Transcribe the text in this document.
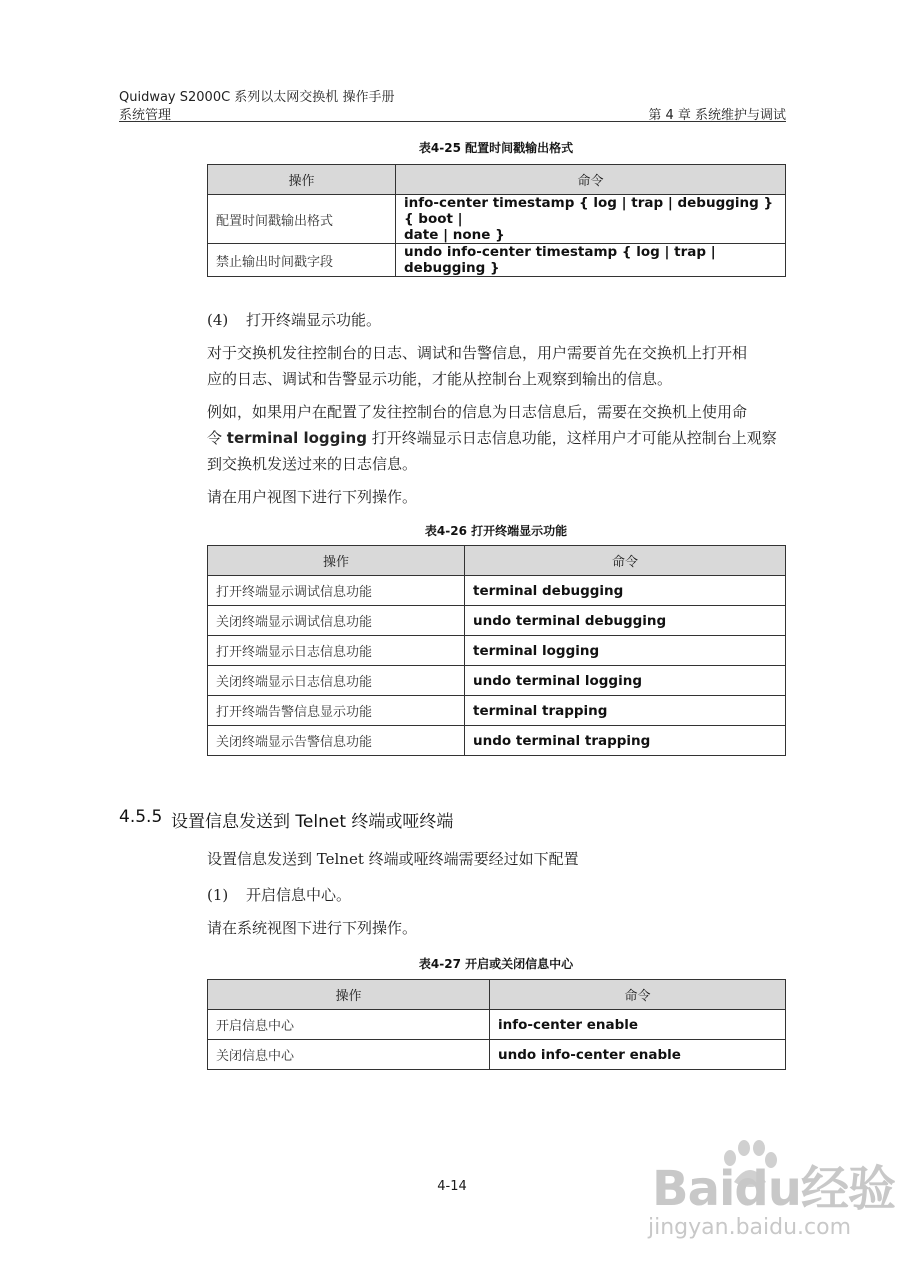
Quidway S2000C 系列以太网交换机 操作手册
系统管理	第 4 章 系统维护与调试
表4-25 配置时间戳输出格式
操作	命令
配置时间戳输出格式	info-center timestamp { log | trap | debugging } { boot |
date | none }

禁止输出时间戳字段	undo info-center timestamp { log | trap | debugging }
(4) 打开终端显示功能。
对于交换机发往控制台的日志、调试和告警信息，用户需要首先在交换机上打开相
应的日志、调试和告警显示功能，才能从控制台上观察到输出的信息。
例如，如果用户在配置了发往控制台的信息为日志信息后，需要在交换机上使用命
令 terminal logging 打开终端显示日志信息功能，这样用户才可能从控制台上观察
到交换机发送过来的日志信息。
请在用户视图下进行下列操作。
表4-26 打开终端显示功能
操作	命令
打开终端显示调试信息功能	terminal debugging
关闭终端显示调试信息功能	undo terminal debugging
打开终端显示日志信息功能	terminal logging
关闭终端显示日志信息功能	undo terminal logging
打开终端告警信息显示功能	terminal trapping
关闭终端显示告警信息功能	undo terminal trapping
4.5.5 设置信息发送到 Telnet 终端或哑终端
设置信息发送到 Telnet 终端或哑终端需要经过如下配置
(1) 开启信息中心。
请在系统视图下进行下列操作。
表4-27 开启或关闭信息中心
操作	命令
开启信息中心	info-center enable
关闭信息中心	undo info-center enable
4-14	Baidu经验
jingyan.baidu.com
